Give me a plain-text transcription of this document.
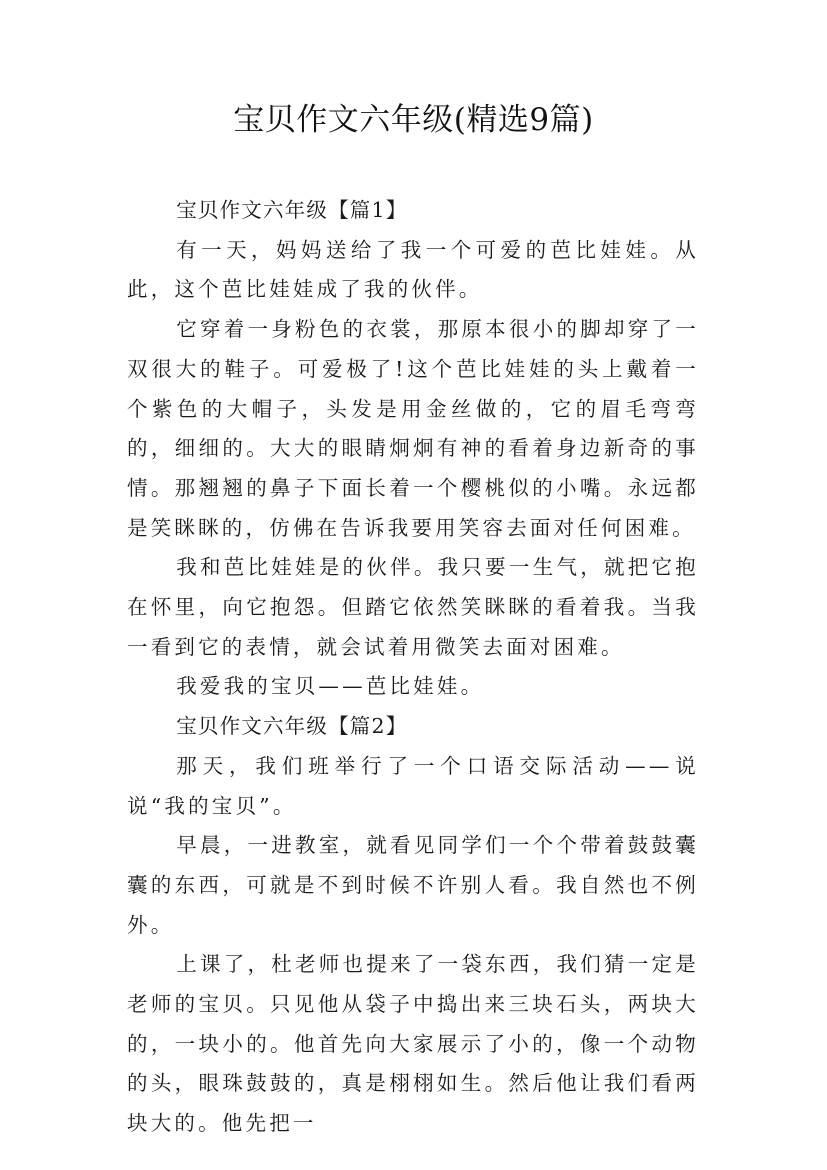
宝贝作文六年级(精选9篇)

宝贝作文六年级【篇1】

有一天，妈妈送给了我一个可爱的芭比娃娃。从此，这个芭比娃娃成了我的伙伴。

它穿着一身粉色的衣裳，那原本很小的脚却穿了一双很大的鞋子。可爱极了!这个芭比娃娃的头上戴着一个紫色的大帽子，头发是用金丝做的，它的眉毛弯弯的，细细的。大大的眼睛炯炯有神的看着身边新奇的事情。那翘翘的鼻子下面长着一个樱桃似的小嘴。永远都是笑眯眯的，仿佛在告诉我要用笑容去面对任何困难。

我和芭比娃娃是的伙伴。我只要一生气，就把它抱在怀里，向它抱怨。但踏它依然笑眯眯的看着我。当我一看到它的表情，就会试着用微笑去面对困难。

我爱我的宝贝——芭比娃娃。

宝贝作文六年级【篇2】

那天，我们班举行了一个口语交际活动——说说“我的宝贝”。

早晨，一进教室，就看见同学们一个个带着鼓鼓囊囊的东西，可就是不到时候不许别人看。我自然也不例外。

上课了，杜老师也提来了一袋东西，我们猜一定是老师的宝贝。只见他从袋子中捣出来三块石头，两块大的，一块小的。他首先向大家展示了小的，像一个动物的头，眼珠鼓鼓的，真是栩栩如生。然后他让我们看两块大的。他先把一
